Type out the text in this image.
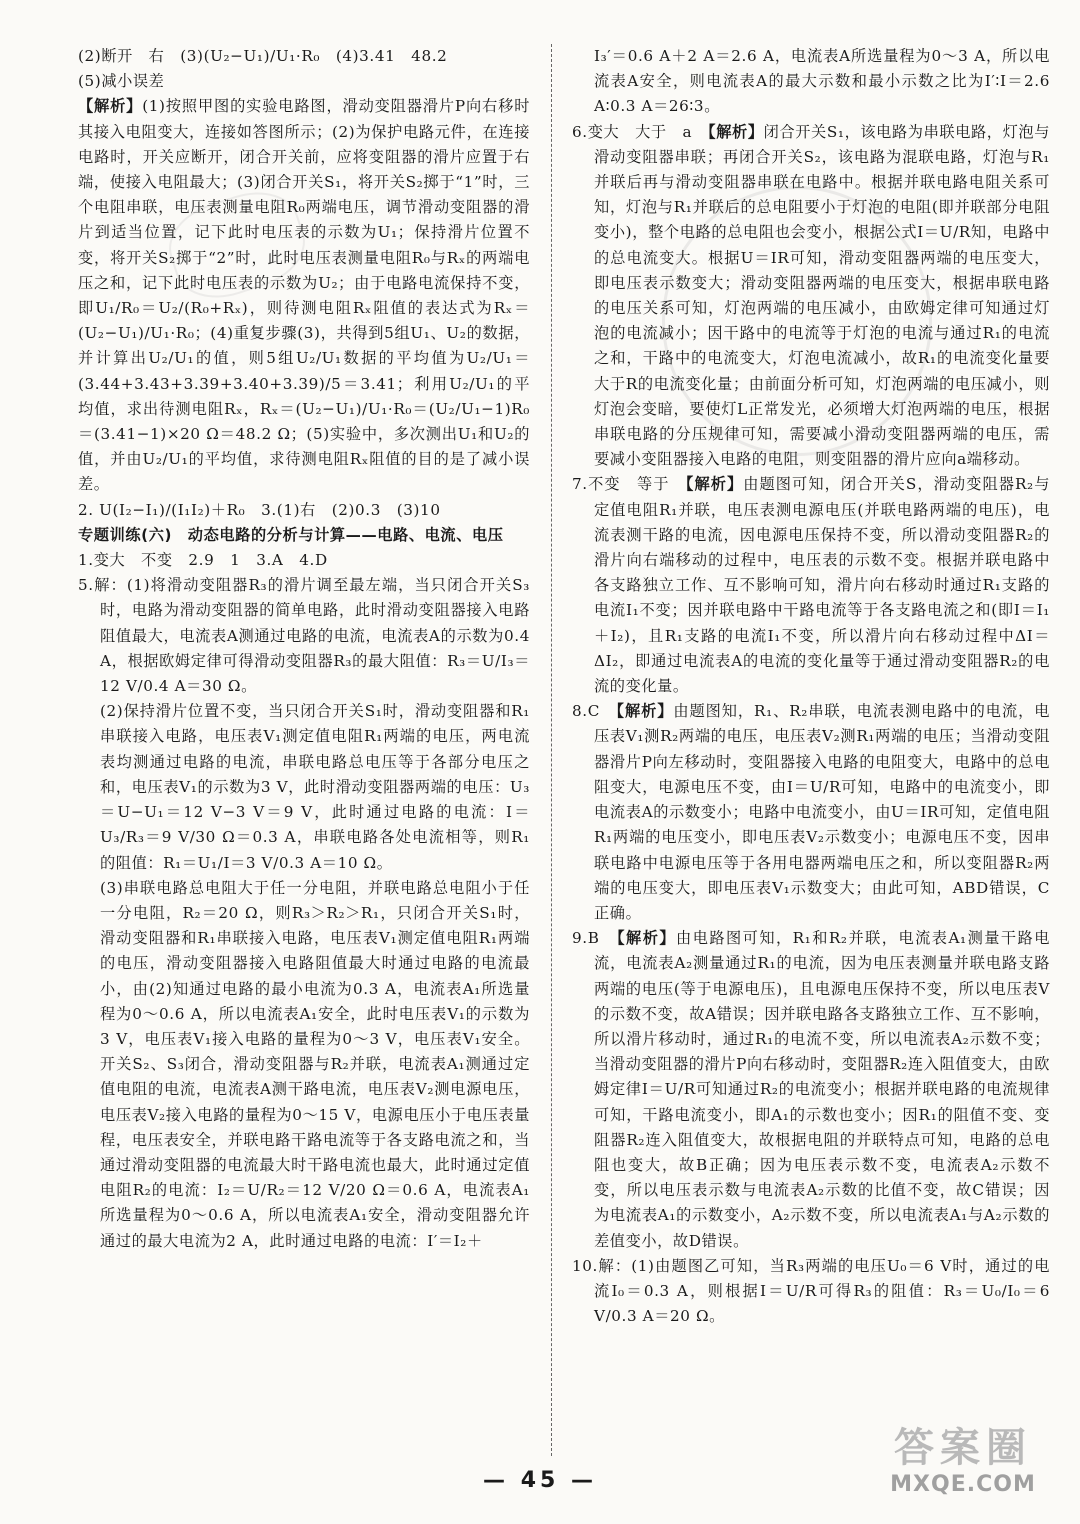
(2)断开　右　(3)(U₂−U₁)/U₁·R₀　(4)3.41　48.2

(5)减小误差

【解析】(1)按照甲图的实验电路图，滑动变阻器滑片P向右移时其接入电阻变大，连接如答图所示；(2)为保护电路元件，在连接电路时，开关应断开，闭合开关前，应将变阻器的滑片应置于右端，使接入电阻最大；(3)闭合开关S₁，将开关S₂掷于“1”时，三个电阻串联，电压表测量电阻R₀两端电压，调节滑动变阻器的滑片到适当位置，记下此时电压表的示数为U₁；保持滑片位置不变，将开关S₂掷于“2”时，此时电压表测量电阻R₀与Rₓ的两端电压之和，记下此时电压表的示数为U₂；由于电路电流保持不变，即U₁/R₀＝U₂/(R₀+Rₓ)，则待测电阻Rₓ阻值的表达式为Rₓ＝(U₂−U₁)/U₁·R₀；(4)重复步骤(3)，共得到5组U₁、U₂的数据，并计算出U₂/U₁的值，则5组U₂/U₁数据的平均值为U₂/U₁＝(3.44+3.43+3.39+3.40+3.39)/5＝3.41；利用U₂/U₁的平均值，求出待测电阻Rₓ，Rₓ＝(U₂−U₁)/U₁·R₀＝(U₂/U₁−1)R₀＝(3.41−1)×20 Ω＝48.2 Ω；(5)实验中，多次测出U₁和U₂的值，并由U₂/U₁的平均值，求待测电阻Rₓ阻值的目的是了减小误差。

2. U(I₂−I₁)/(I₁I₂)＋R₀　3.(1)右　(2)0.3　(3)10

专题训练(六)　动态电路的分析与计算——电路、电流、电压

1.变大　不变　2.9　1　3.A　4.D

5.解：(1)将滑动变阻器R₃的滑片调至最左端，当只闭合开关S₃时，电路为滑动变阻器的简单电路，此时滑动变阻器接入电路阻值最大，电流表A测通过电路的电流，电流表A的示数为0.4 A，根据欧姆定律可得滑动变阻器R₃的最大阻值：R₃＝U/I₃＝12 V/0.4 A＝30 Ω。

(2)保持滑片位置不变，当只闭合开关S₁时，滑动变阻器和R₁串联接入电路，电压表V₁测定值电阻R₁两端的电压，两电流表均测通过电路的电流，串联电路总电压等于各部分电压之和，电压表V₁的示数为3 V，此时滑动变阻器两端的电压：U₃＝U−U₁＝12 V−3 V＝9 V，此时通过电路的电流：I＝U₃/R₃＝9 V/30 Ω＝0.3 A，串联电路各处电流相等，则R₁的阻值：R₁＝U₁/I＝3 V/0.3 A＝10 Ω。

(3)串联电路总电阻大于任一分电阻，并联电路总电阻小于任一分电阻，R₂＝20 Ω，则R₃＞R₂＞R₁，只闭合开关S₁时，滑动变阻器和R₁串联接入电路，电压表V₁测定值电阻R₁两端的电压，滑动变阻器接入电路阻值最大时通过电路的电流最小，由(2)知通过电路的最小电流为0.3 A，电流表A₁所选量程为0～0.6 A，所以电流表A₁安全，此时电压表V₁的示数为3 V，电压表V₁接入电路的量程为0～3 V，电压表V₁安全。开关S₂、S₃闭合，滑动变阻器与R₂并联，电流表A₁测通过定值电阻的电流，电流表A测干路电流，电压表V₂测电源电压，电压表V₂接入电路的量程为0～15 V，电源电压小于电压表量程，电压表安全，并联电路干路电流等于各支路电流之和，当通过滑动变阻器的电流最大时干路电流也最大，此时通过定值电阻R₂的电流：I₂＝U/R₂＝12 V/20 Ω＝0.6 A，电流表A₁所选量程为0～0.6 A，所以电流表A₁安全，滑动变阻器允许通过的最大电流为2 A，此时通过电路的电流：I′＝I₂＋

I₃′＝0.6 A＋2 A＝2.6 A，电流表A所选量程为0～3 A，所以电流表A安全，则电流表A的最大示数和最小示数之比为I′∶I＝2.6 A∶0.3 A＝26∶3。

6.变大　大于　a　【解析】闭合开关S₁，该电路为串联电路，灯泡与滑动变阻器串联；再闭合开关S₂，该电路为混联电路，灯泡与R₁并联后再与滑动变阻器串联在电路中。根据并联电路电阻关系可知，灯泡与R₁并联后的总电阻要小于灯泡的电阻(即并联部分电阻变小)，整个电路的总电阻也会变小，根据公式I＝U/R知，电路中的总电流变大。根据U＝IR可知，滑动变阻器两端的电压变大，即电压表示数变大；滑动变阻器两端的电压变大，根据串联电路的电压关系可知，灯泡两端的电压减小，由欧姆定律可知通过灯泡的电流减小；因干路中的电流等于灯泡的电流与通过R₁的电流之和，干路中的电流变大，灯泡电流减小，故R₁的电流变化量要大于R的电流变化量；由前面分析可知，灯泡两端的电压减小，则灯泡会变暗，要使灯L正常发光，必须增大灯泡两端的电压，根据串联电路的分压规律可知，需要减小滑动变阻器两端的电压，需要减小变阻器接入电路的电阻，则变阻器的滑片应向a端移动。

7.不变　等于　【解析】由题图可知，闭合开关S，滑动变阻器R₂与定值电阻R₁并联，电压表测电源电压(并联电路两端的电压)，电流表测干路的电流，因电源电压保持不变，所以滑动变阻器R₂的滑片向右端移动的过程中，电压表的示数不变。根据并联电路中各支路独立工作、互不影响可知，滑片向右移动时通过R₁支路的电流I₁不变；因并联电路中干路电流等于各支路电流之和(即I＝I₁＋I₂)，且R₁支路的电流I₁不变，所以滑片向右移动过程中ΔI＝ΔI₂，即通过电流表A的电流的变化量等于通过滑动变阻器R₂的电流的变化量。

8.C　【解析】由题图知，R₁、R₂串联，电流表测电路中的电流，电压表V₁测R₂两端的电压，电压表V₂测R₁两端的电压；当滑动变阻器滑片P向左移动时，变阻器接入电路的电阻变大，电路中的总电阻变大，电源电压不变，由I＝U/R可知，电路中的电流变小，即电流表A的示数变小；电路中电流变小，由U＝IR可知，定值电阻R₁两端的电压变小，即电压表V₂示数变小；电源电压不变，因串联电路中电源电压等于各用电器两端电压之和，所以变阻器R₂两端的电压变大，即电压表V₁示数变大；由此可知，ABD错误，C正确。

9.B　【解析】由电路图可知，R₁和R₂并联，电流表A₁测量干路电流，电流表A₂测量通过R₁的电流，因为电压表测量并联电路支路两端的电压(等于电源电压)，且电源电压保持不变，所以电压表V的示数不变，故A错误；因并联电路各支路独立工作、互不影响，所以滑片移动时，通过R₁的电流不变，所以电流表A₂示数不变；当滑动变阻器的滑片P向右移动时，变阻器R₂连入阻值变大，由欧姆定律I＝U/R可知通过R₂的电流变小；根据并联电路的电流规律可知，干路电流变小，即A₁的示数也变小；因R₁的阻值不变、变阻器R₂连入阻值变大，故根据电阻的并联特点可知，电路的总电阻也变大，故B正确；因为电压表示数不变，电流表A₂示数不变，所以电压表示数与电流表A₂示数的比值不变，故C错误；因为电流表A₁的示数变小，A₂示数不变，所以电流表A₁与A₂示数的差值变小，故D错误。

10.解：(1)由题图乙可知，当R₃两端的电压U₀＝6 V时，通过的电流I₀＝0.3 A，则根据I＝U/R可得R₃的阻值：R₃＝U₀/I₀＝6 V/0.3 A＝20 Ω。

— 45 —
答案圈
MXQE.COM
